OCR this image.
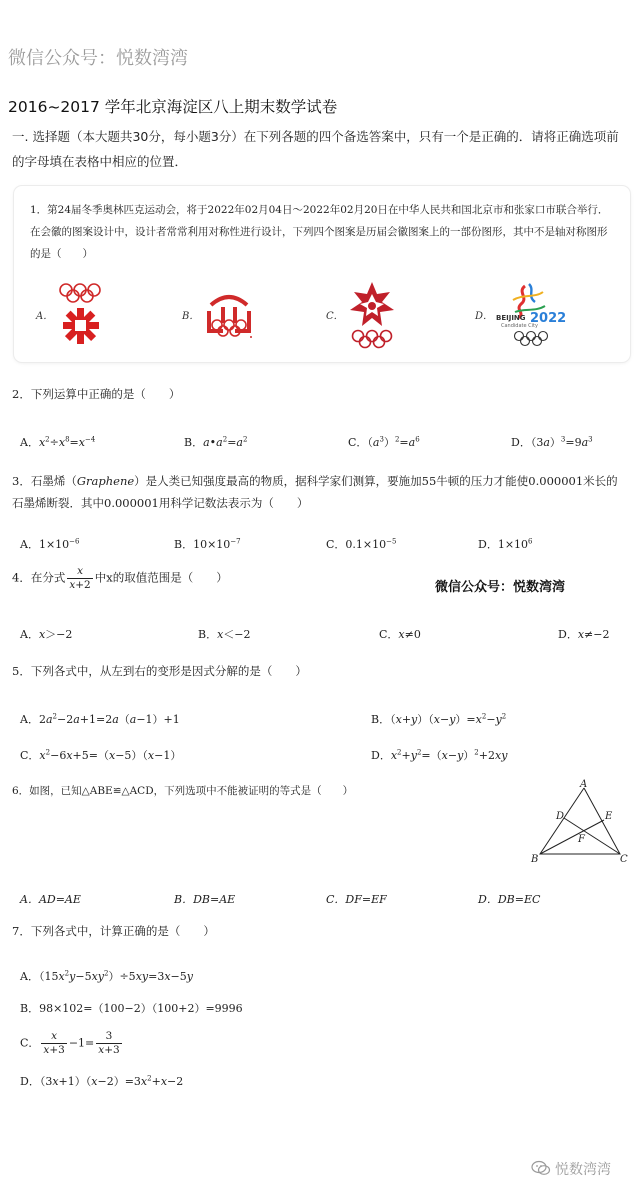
微信公众号：悦数湾湾
2016~2017 学年北京海淀区八上期末数学试卷
一. 选择题（本大题共30分，每小题3分）在下列各题的四个备选答案中，只有一个是正确的．请将正确选项前的字母填在表格中相应的位置．
1．第24届冬季奥林匹克运动会，将于2022年02月04日～2022年02月20日在中华人民共和国北京市和张家口市联合举行．在会徽的图案设计中，设计者常常利用对称性进行设计，下列四个图案是历届会徽图案上的一部份图形，其中不是轴对称图形的是（　　）
A．	B．	C．	D． BEIJING 2022
Candidate City
2．下列运算中正确的是（　　）
A．$x^2\div x^8=x^{-4}$	B．$a•a^2=a^2$	C．$(a^3)^2=a^6$	D．$(3a)^3=9a^3$
3．石墨烯（Graphene）是人类已知强度最高的物质，据科学家们测算，要施加55牛顿的压力才能使0.000001米长的石墨烯断裂．其中0.000001用科学记数法表示为（　　）
A．$1\times 10^{-6}$	B．$10\times 10^{-7}$	C．$0.1\times 10^{-5}$	D．$1\times 10^6$
4．在分式 $\frac{x}{x+2}$ 中x的取值范围是（　　）
微信公众号：悦数湾湾
A．x＞−2	B．x＜−2	C．x≠0	D．x≠−2
5．下列各式中，从左到右的变形是因式分解的是（　　）
A．$2a^2-2a+1=2a(a-1)+1$	B．$(x+y)(x-y)=x^2-y^2$
C．$x^2-6x+5=(x-5)(x-1)$	D．$x^2+y^2=(x-y)^2+2xy$
6．如图，已知△ABE≌△ACD，下列选项中不能被证明的等式是（　　）
A
D	E
F
B	C
A．AD=AE	B．DB=AE	C．DF=EF	D．DB=EC
7．下列各式中，计算正确的是（　　）
A．$(15x^2y-5xy^2)\div 5xy=3x-5y$
B．98×102=（100−2）（100+2）=9996
C． $\frac{x}{x+3} -1= \frac{3}{x+3}$
D．$(3x+1)(x-2)=3x^2+x-2$
悦数湾湾
